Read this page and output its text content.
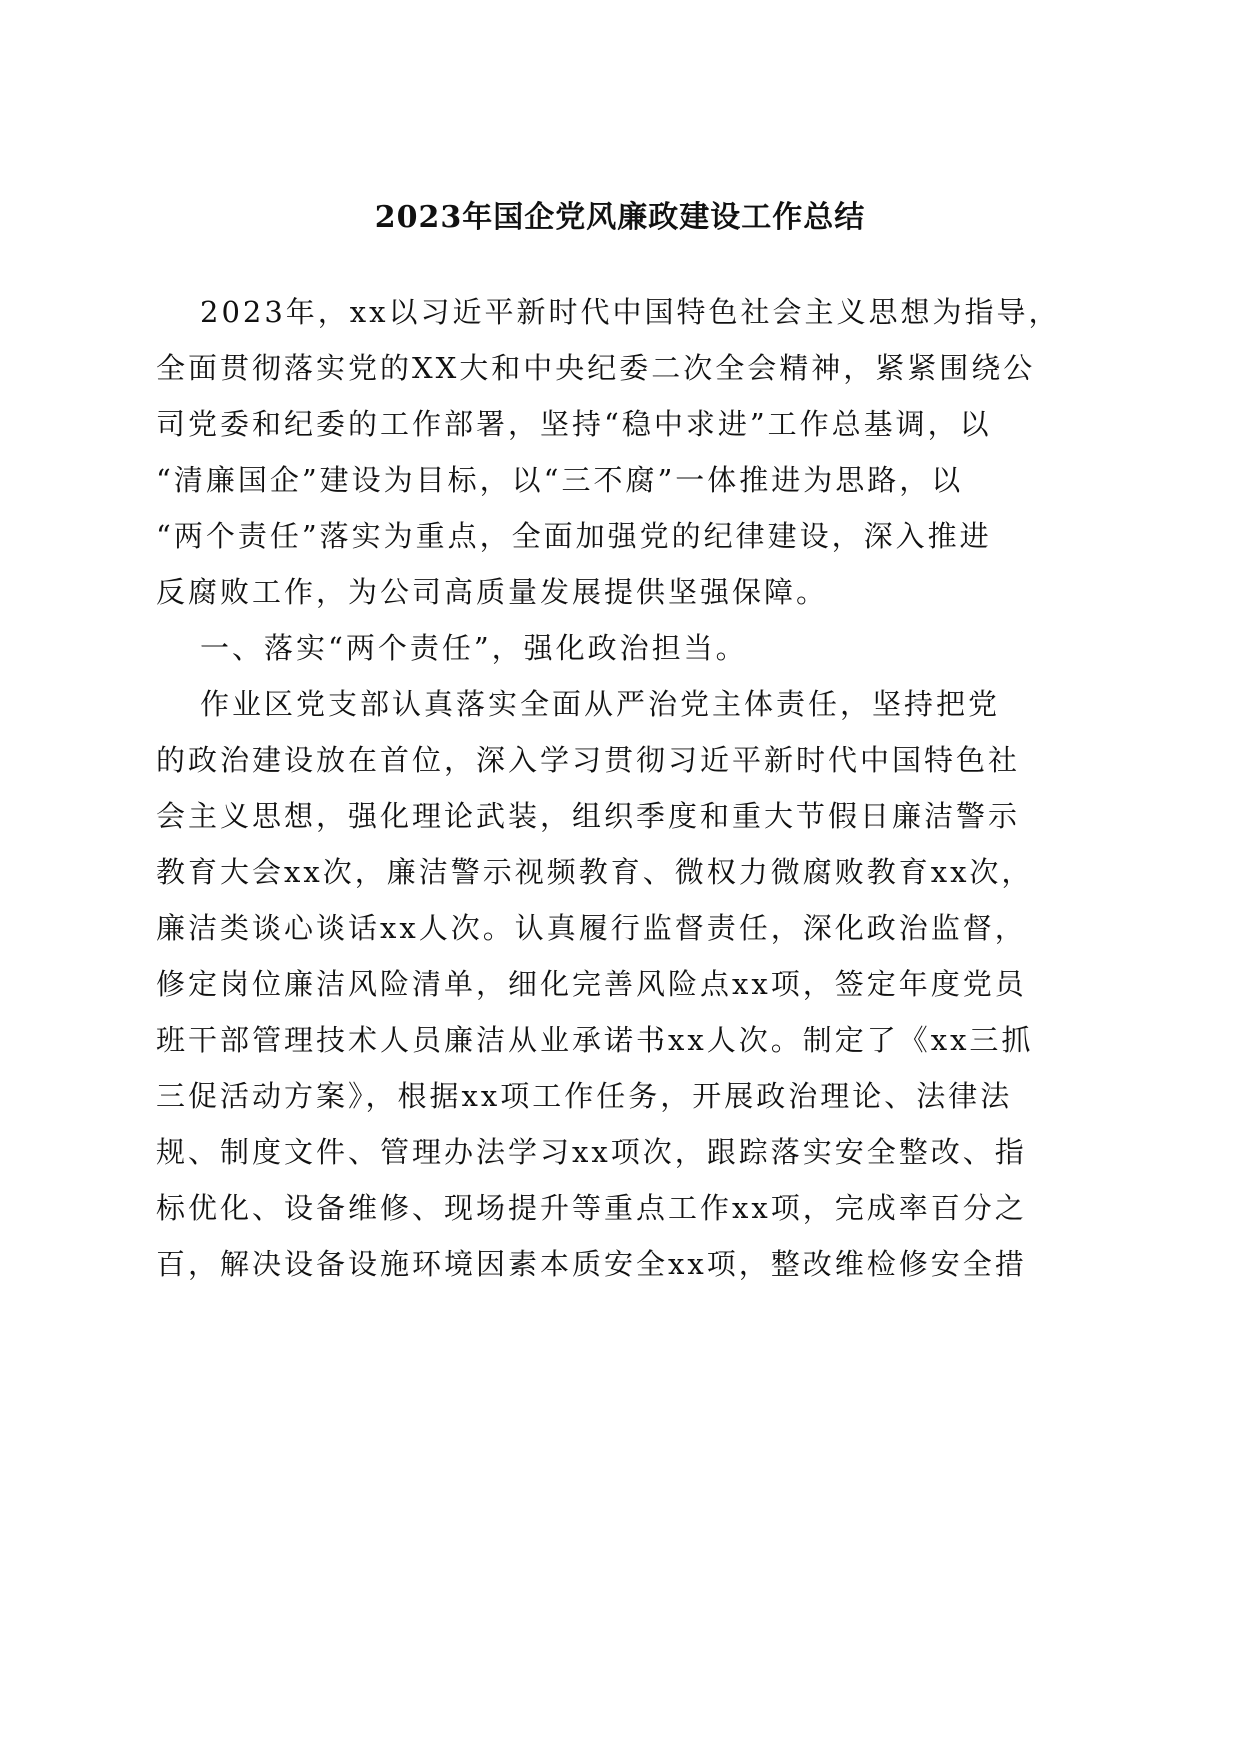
2023年国企党风廉政建设工作总结

2023年，xx以习近平新时代中国特色社会主义思想为指导，

全面贯彻落实党的XX大和中央纪委二次全会精神，紧紧围绕公

司党委和纪委的工作部署，坚持“稳中求进”工作总基调，以

“清廉国企”建设为目标，以“三不腐”一体推进为思路，以

“两个责任”落实为重点，全面加强党的纪律建设，深入推进

反腐败工作，为公司高质量发展提供坚强保障。

一、落实“两个责任”，强化政治担当。

作业区党支部认真落实全面从严治党主体责任，坚持把党

的政治建设放在首位，深入学习贯彻习近平新时代中国特色社

会主义思想，强化理论武装，组织季度和重大节假日廉洁警示

教育大会xx次，廉洁警示视频教育、微权力微腐败教育xx次，

廉洁类谈心谈话xx人次。认真履行监督责任，深化政治监督，

修定岗位廉洁风险清单，细化完善风险点xx项，签定年度党员

班干部管理技术人员廉洁从业承诺书xx人次。制定了《xx三抓

三促活动方案》，根据xx项工作任务，开展政治理论、法律法

规、制度文件、管理办法学习xx项次，跟踪落实安全整改、指

标优化、设备维修、现场提升等重点工作xx项，完成率百分之

百，解决设备设施环境因素本质安全xx项，整改维检修安全措
